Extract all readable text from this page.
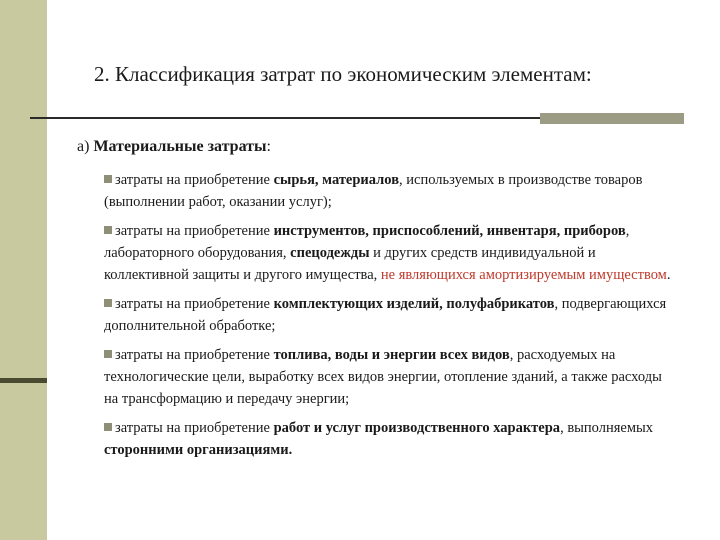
2. Классификация затрат по экономическим элементам:
а) Материальные затраты:
затраты на приобретение сырья, материалов, используемых в производстве товаров (выполнении работ, оказании услуг);
затраты на приобретение инструментов, приспособлений, инвентаря, приборов, лабораторного оборудования, спецодежды и других средств индивидуальной и коллективной защиты и другого имущества, не являющихся амортизируемым имуществом.
затраты на приобретение комплектующих изделий, полуфабрикатов, подвергающихся дополнительной обработке;
затраты на приобретение топлива, воды и энергии всех видов, расходуемых на технологические цели, выработку всех видов энергии, отопление зданий, а также расходы на трансформацию и передачу энергии;
затраты на приобретение работ и услуг производственного характера, выполняемых сторонними организациями.
